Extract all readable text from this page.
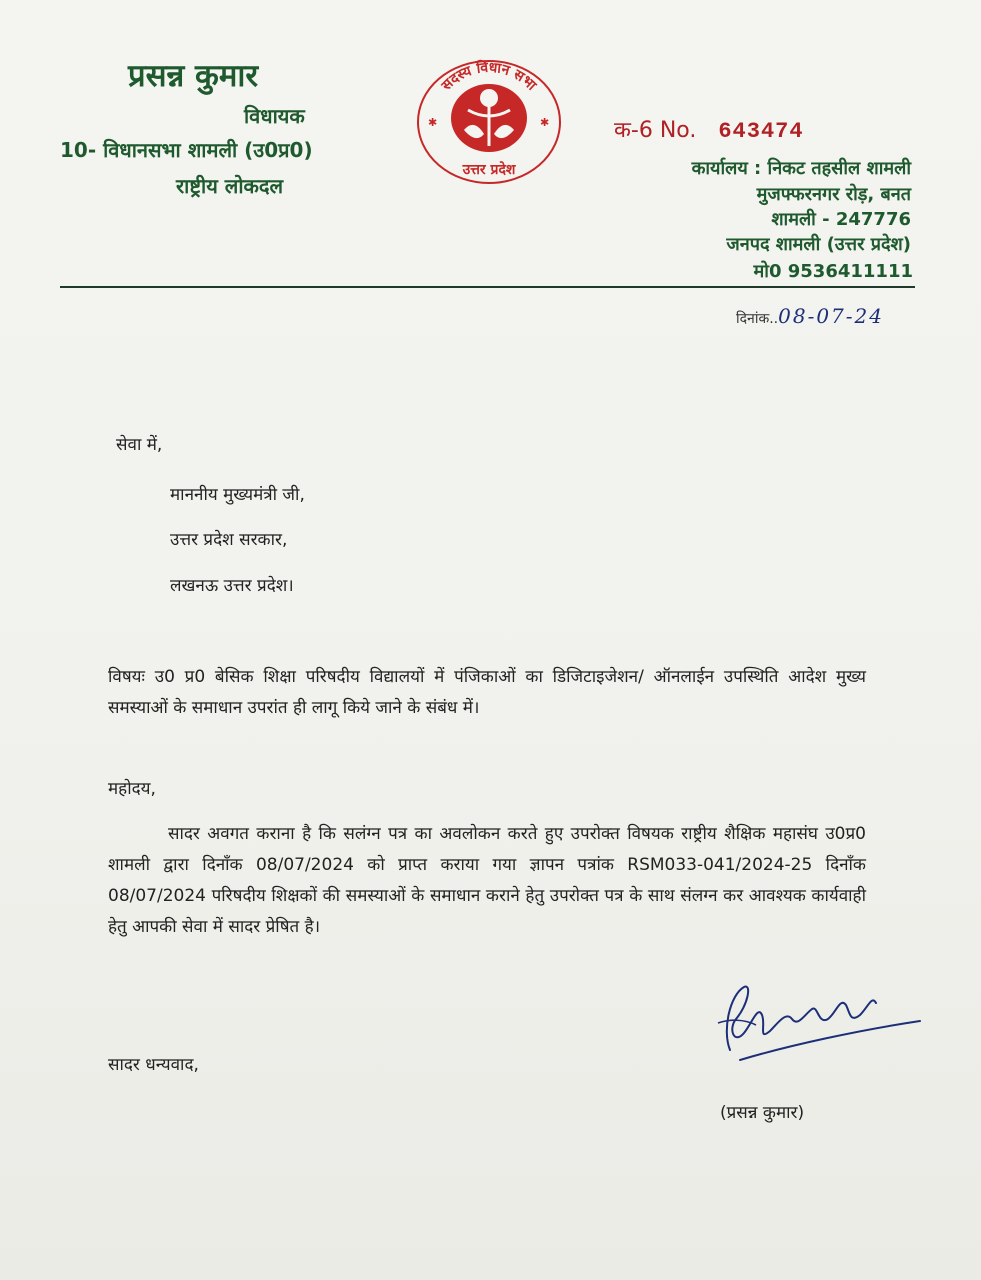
प्रसन्न कुमार
विधायक
10- विधानसभा शामली (उ0प्र0)
राष्ट्रीय लोकदल
✱	✱
सदस्य विधान सभा
उत्तर प्रदेश
क-6 No. 643474
कार्यालय : निकट तहसील शामली
मुजफ्फरनगर रोड़, बनत
शामली - 247776
जनपद शामली (उत्तर प्रदेश)
मो0 9536411111
दिनांक..08-07-24
सेवा में,
माननीय मुख्यमंत्री जी,
उत्तर प्रदेश सरकार,
लखनऊ उत्तर प्रदेश।
विषयः उ0 प्र0 बेसिक शिक्षा परिषदीय विद्यालयों में पंजिकाओं का डिजिटाइजेशन/ ऑनलाईन उपस्थिति आदेश मुख्य समस्याओं के समाधान उपरांत ही लागू किये जाने के संबंध में।
महोदय,
सादर अवगत कराना है कि सलंग्न पत्र का अवलोकन करते हुए उपरोक्त विषयक राष्ट्रीय शैक्षिक महासंघ उ0प्र0 शामली द्वारा दिनाँक 08/07/2024 को प्राप्त कराया गया ज्ञापन पत्रांक RSM033-041/2024-25 दिनाँक 08/07/2024 परिषदीय शिक्षकों की समस्याओं के समाधान कराने हेतु उपरोक्त पत्र के साथ संलग्न कर आवश्यक कार्यवाही हेतु आपकी सेवा में सादर प्रेषित है।
सादर धन्यवाद,
(प्रसन्न कुमार)
